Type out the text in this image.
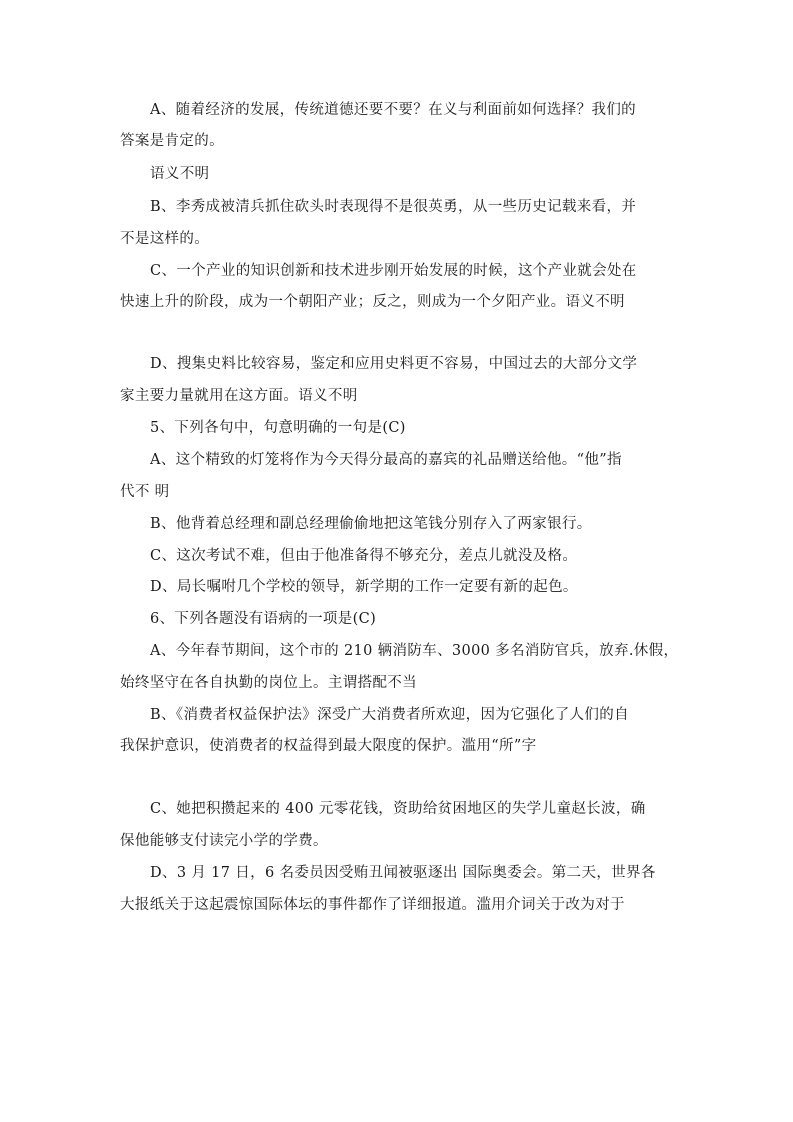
A、随着经济的发展，传统道德还要不要？在义与利面前如何选择？我们的

答案是肯定的。

语义不明

B、李秀成被清兵抓住砍头时表现得不是很英勇，从一些历史记载来看，并

不是这样的。

C、一个产业的知识创新和技术进步刚开始发展的时候，这个产业就会处在

快速上升的阶段，成为一个朝阳产业；反之，则成为一个夕阳产业。语义不明

D、搜集史料比较容易，鉴定和应用史料更不容易，中国过去的大部分文学

家主要力量就用在这方面。语义不明

5、下列各句中，句意明确的一句是(C)

A、这个精致的灯笼将作为今天得分最高的嘉宾的礼品赠送给他。“他”指

代不 明

B、他背着总经理和副总经理偷偷地把这笔钱分别存入了两家银行。

C、这次考试不难，但由于他准备得不够充分，差点儿就没及格。

D、局长嘱咐几个学校的领导，新学期的工作一定要有新的起色。

6、下列各题没有语病的一项是(C)

A、今年春节期间，这个市的 210 辆消防车、3000 多名消防官兵，放弃.休假，

始终坚守在各自执勤的岗位上。主谓搭配不当

B、《消费者权益保护法》深受广大消费者所欢迎，因为它强化了人们的自

我保护意识，使消费者的权益得到最大限度的保护。滥用“所”字

C、她把积攒起来的 400 元零花钱，资助给贫困地区的失学儿童赵长波，确

保他能够支付读完小学的学费。

D、3 月 17 日，6 名委员因受贿丑闻被驱逐出 国际奥委会。第二天，世界各

大报纸关于这起震惊国际体坛的事件都作了详细报道。滥用介词关于改为对于
